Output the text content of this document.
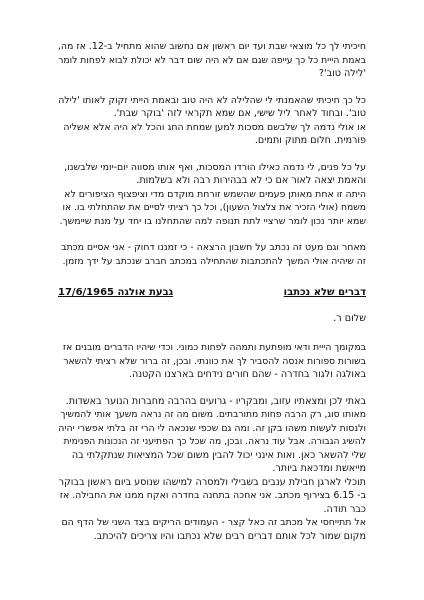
חיכיתי לך כל מוצאי שבת ועד יום ראשון אם נחשוב שהוא מתחיל ב-12. אז מה,
באמת הייית כל כך עייפה שגם אם לא היה שום דבר לא יכולת לבוא לפחות לומר
'לילה טוב'?
כל כך חיכיתי שהאמנתי לי שהלילה לא היה טוב ובאמת הייתי זקוק לאותו 'לילה
טוב'. ובחוד לאחר ליל שישי, אם שמא תקראי לזה 'בוקר שבת'.
או אולי נדמה לך שלבשם מסכות למען שמחת החג והכל לא היה אלא אשליה
פורמית. חלום מתוק ותמים.
על כל פנים, לי נדמה כאילו הורדו המסכות, ואף אותו מסווה יום-יומי שלבשנו,
והאמת יצאה לאור אם כי לא בבהירות רבה ולא בשלמות.
היתה זו אחת מאותן פעמים שהשמש זורחת מוקדם מדי וציפצוף הציפורים לא
משמח (אולי הזכיר את צלצול השעון), וכל כך רציתי לסיים את שהתחלתי בו. או
שמא יותר נכון לומר שרציי לתת תנופה למה שהתחלנו בו יחד על מנת שיימשך.
מאחר וגם מעט זה נכתב על חשבון הרצאה - כי זמננו דחוק - אני אסיים מכתב
זה שיהיה אולי המשך להתכתבות שהתחילה במכתב חברב שנכתב על ידך מזמן.
דברים שלא נכתבו
גבעת אולגה 17/6/1965
שלום ר.
במקומך הייית ודאי מופתעת ותמהה לפחות כמוני. וכדי שיהיו הדברים מובנים אז
בשורות ספורות אנסה להסביר לך את כוונתי. ובכן, זה ברור שלא רציתי להשאר
באולגה ולגור בחדרה - שהם חורים נידחים בארצנו הקטנה.
באתי לכן ומצאתיו עזוב, ומבקריו - גרועים בהרבה מחברות הנוער באשדות.
מאותו סוג, רק הרבה פחות מתורבתים. משום מה זה נראה משעך אותי להמשיך
ולנסות לעשות משהו בקן זה. ומה גם שכפי שנכאה לי הרי זה בלתי אפשרי יהיה
להשיג הגבורה. אבל עוד נראה. ובכן, מה שכל כך הפתיעני זה הנכונות הפנימית
שלי להשאר כאן. ואות אינני יכול להבין משום שכל המציאות שנתקלתי בה
מייאשת ומדכאת ביותר.
תוכלי לארגן חבילת ענבים בשבילי ולמסרה למישהו שנוסע ביום ראשון בבוקר
ב- 6.15 בצירוף מכתב. אני אחכה בתחנה בחדרה ואקח ממנו את החבילה. אז
כבר תודה.
אל תתייחסי אל מכתב זה כאל קצר - העמודים הריקים בצד השני של הדף הם
מקום שמור לכל אותם דברים רבים שלא נכתבו והיו צריכים להיכתב.
